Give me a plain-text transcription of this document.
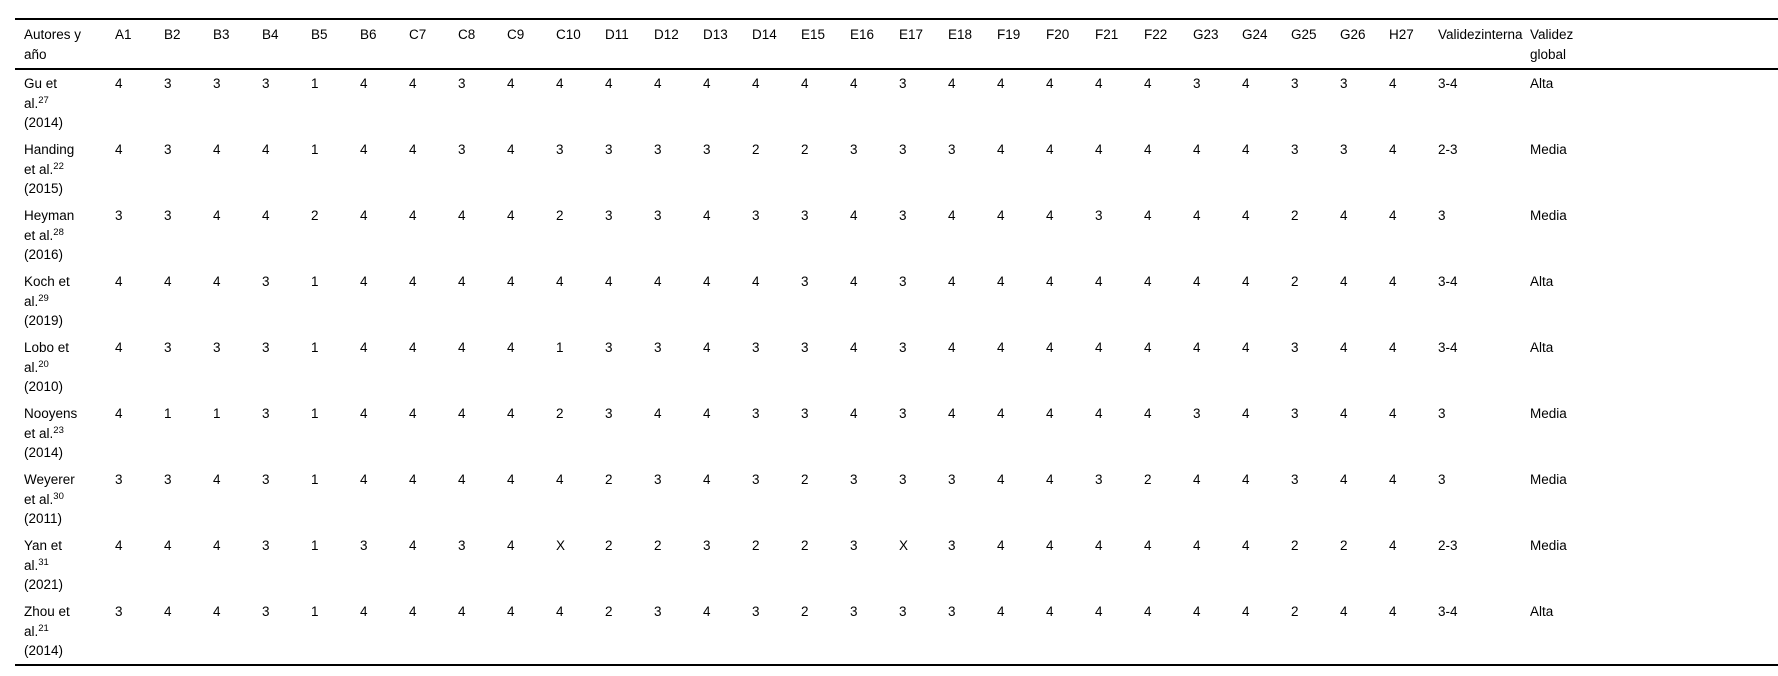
Autores y
año
	A1	B2	B3	B4	B5	B6	C7	C8	C9	C10	D11	D12	D13	D14	E15	E16	E17	E18	F19	F20	F21	F22	G23	G24	G25	G26	H27	Validezinterna	Validez
global

Gu et
al.$^{27}$
(2014)	4	3	3	3	1	4	4	3	4	4	4	4	4	4	4	4	3	4	4	4	4	4	3	4	3	3	4	3-4	Alta

Handing
et al.$^{22}$
(2015)	4	3	4	4	1	4	4	3	4	3	3	3	3	2	2	3	3	3	4	4	4	4	4	4	3	3	4	2-3	Media

Heyman
et al.$^{28}$
(2016)	3	3	4	4	2	4	4	4	4	2	3	3	4	3	3	4	3	4	4	4	3	4	4	4	2	4	4	3	Media

Koch et
al.$^{29}$
(2019)	4	4	4	3	1	4	4	4	4	4	4	4	4	4	3	4	3	4	4	4	4	4	4	4	2	4	4	3-4	Alta

Lobo et
al.$^{20}$
(2010)	4	3	3	3	1	4	4	4	4	1	3	3	4	3	3	4	3	4	4	4	4	4	4	4	3	4	4	3-4	Alta

Nooyens
et al.$^{23}$
(2014)	4	1	1	3	1	4	4	4	4	2	3	4	4	3	3	4	3	4	4	4	4	4	3	4	3	4	4	3	Media

Weyerer
et al.$^{30}$
(2011)	3	3	4	3	1	4	4	4	4	4	2	3	4	3	2	3	3	3	4	4	3	2	4	4	3	4	4	3	Media

Yan et
al.$^{31}$
(2021)	4	4	4	3	1	3	4	3	4	X	2	2	3	2	2	3	X	3	4	4	4	4	4	4	2	2	4	2-3	Media

Zhou et
al.$^{21}$
(2014)	3	4	4	3	1	4	4	4	4	4	2	3	4	3	2	3	3	3	4	4	4	4	4	4	2	4	4	3-4	Alta
